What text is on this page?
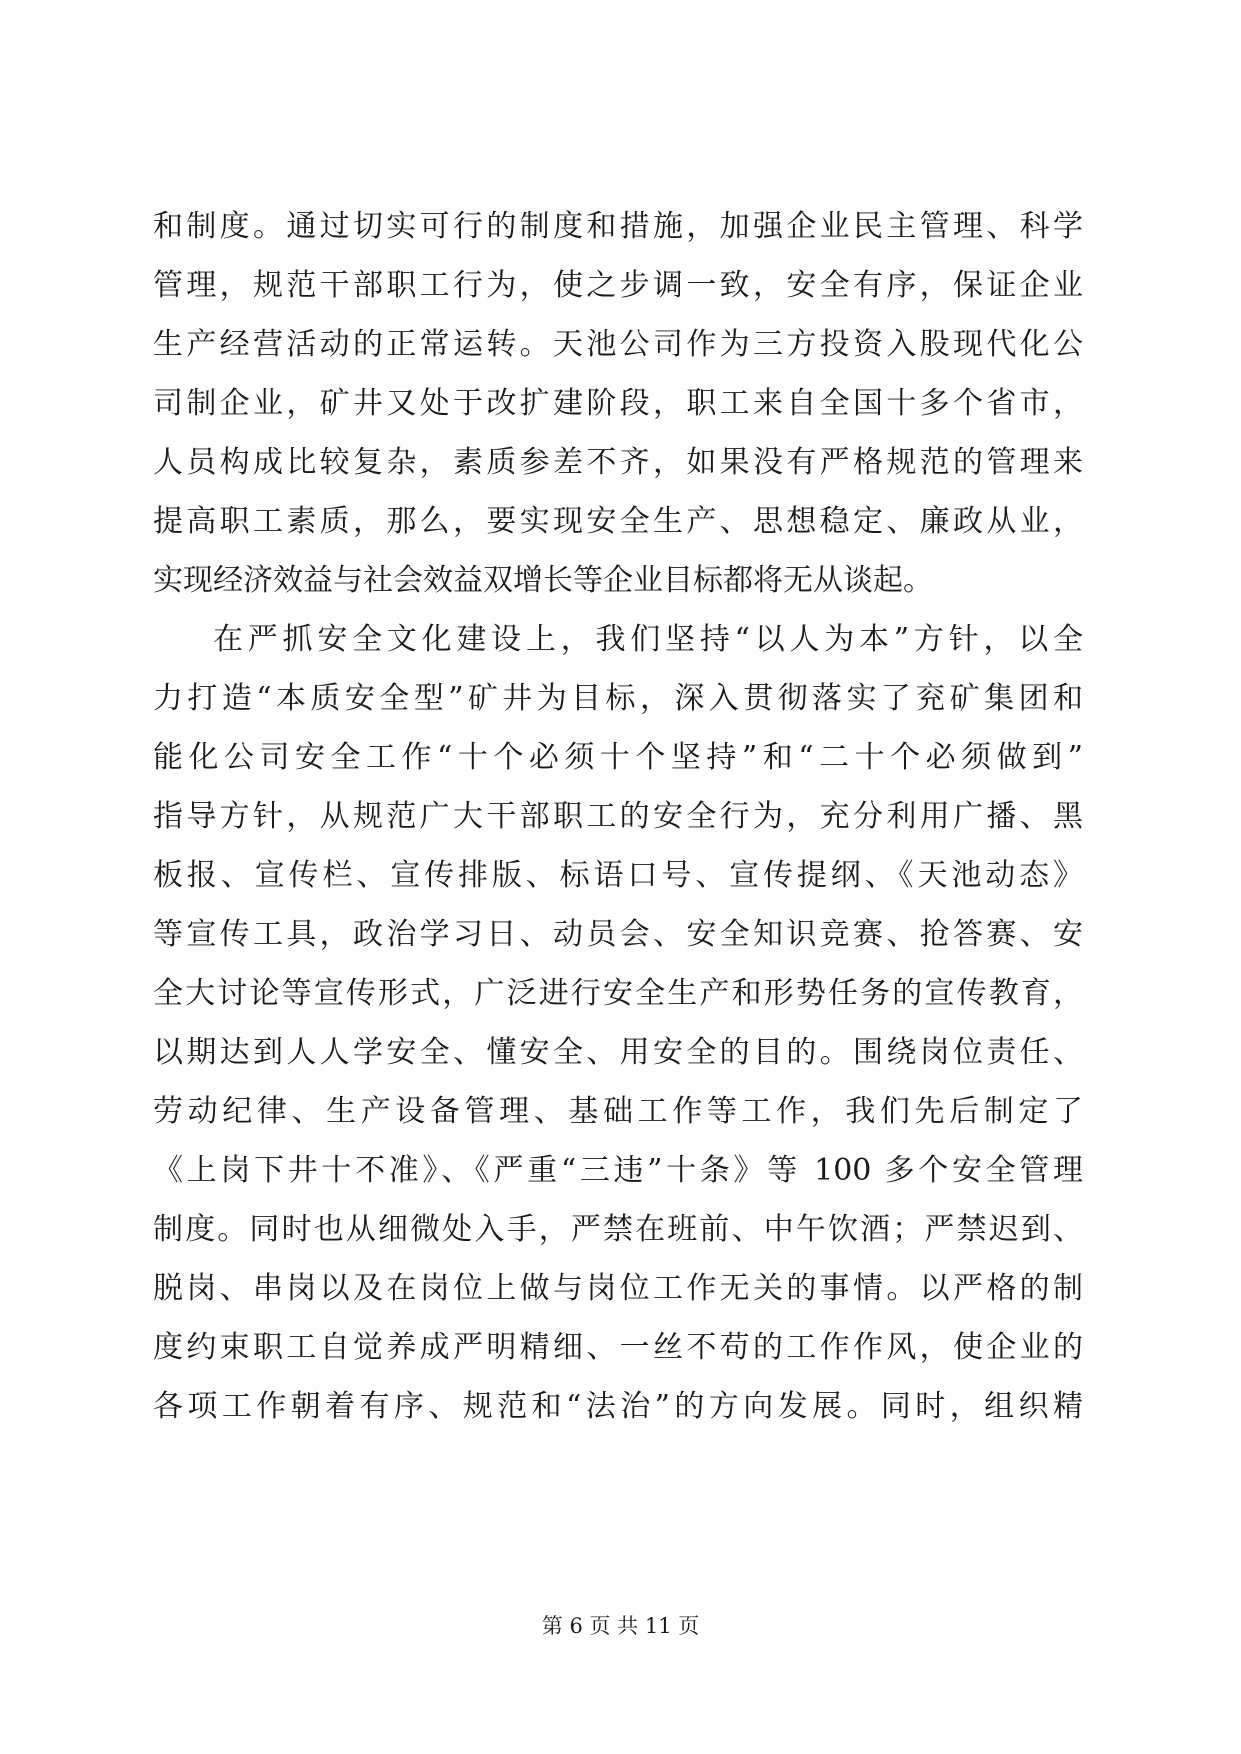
和制度。通过切实可行的制度和措施，加强企业民主管理、科学
管理，规范干部职工行为，使之步调一致，安全有序，保证企业
生产经营活动的正常运转。天池公司作为三方投资入股现代化公
司制企业，矿井又处于改扩建阶段，职工来自全国十多个省市，
人员构成比较复杂，素质参差不齐，如果没有严格规范的管理来
提高职工素质，那么，要实现安全生产、思想稳定、廉政从业，
实现经济效益与社会效益双增长等企业目标都将无从谈起。
在严抓安全文化建设上，我们坚持“以人为本”方针，以全
力打造“本质安全型”矿井为目标，深入贯彻落实了兖矿集团和
能化公司安全工作“十个必须十个坚持”和“二十个必须做到”
指导方针，从规范广大干部职工的安全行为，充分利用广播、黑
板报、宣传栏、宣传排版、标语口号、宣传提纲、《天池动态》
等宣传工具，政治学习日、动员会、安全知识竞赛、抢答赛、安
全大讨论等宣传形式，广泛进行安全生产和形势任务的宣传教育，
以期达到人人学安全、懂安全、用安全的目的。围绕岗位责任、
劳动纪律、生产设备管理、基础工作等工作，我们先后制定了
《上岗下井十不准》、《严重“三违”十条》等 100 多个安全管理
制度。同时也从细微处入手，严禁在班前、中午饮酒；严禁迟到、
脱岗、串岗以及在岗位上做与岗位工作无关的事情。以严格的制
度约束职工自觉养成严明精细、一丝不苟的工作作风，使企业的
各项工作朝着有序、规范和“法治”的方向发展。同时，组织精
第 6 页 共 11 页
